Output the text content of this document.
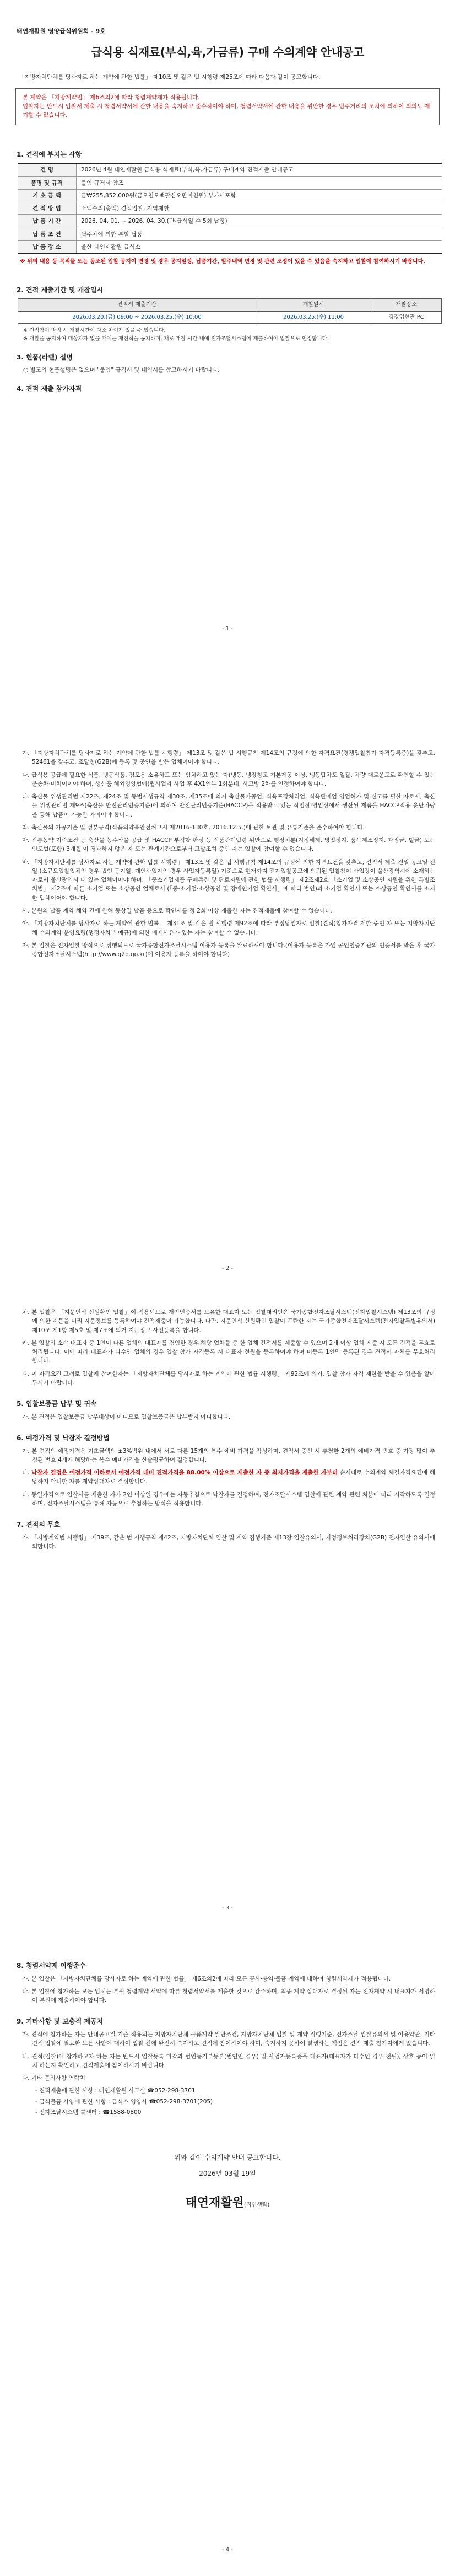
태연재활원 영양급식위원회 - 9호
급식용 식재료(부식,육,가금류) 구매 수의계약 안내공고
「지방자치단체를 당사자로 하는 계약에 관한 법률」 제10조 및 같은 법 시행령 제25조에 따라 다음과 같이 공고합니다.
본 계약은 「지방계약법」 제6조의2에 따라 청렴계약제가 적용됩니다.
입찰자는 반드시 입찰서 제출 시 청렴서약서에 관한 내용을 숙지하고 준수하여야 하며, 청렴서약서에 관한 내용을 위반한 경우 법주거리의 조치에 의하여 의의도 제기할 수 없습니다.
1. 견적에 부치는 사항
건 명	2026년 4월 태연재활원 급식용 식재료(부식,육,가금류) 구매계약 견적제출 안내공고
품명 및 규격	붙임 규격서 참조
기 초 금 액	금₩255,852,000원(금오천오백팔십오만이천원) 부가세포함
견 적 방 법	소액수의(총액) 견적입찰, 지역제한
납 품 기 간	2026. 04. 01. ~ 2026. 04. 30.(단-급식일 수 5회 납품)
납 품 조 건	월주차에 의한 분할 납품
납 품 장 소	울산 태연재활원 급식소
※ 위의 내용 등 목적물 또는 동조된 입찰 공지이 변경 및 경우 공지일정, 납품기간, 발주내역 변경 및 관련 조정이 있을 수 있음을 숙지하고 입찰에 참여하시기 바랍니다.
2. 견적 제출기간 및 개찰일시
견적서 제출기간	개찰일시	개찰장소
2026.03.20.(금) 09:00 ~ 2026.03.25.(수) 10:00	2026.03.25.(수) 11:00	김경업현관 PC
※ 견적참여 방법 시 개찰시간이 다소 차이가 있을 수 있습니다.
※ 개찰을 공지하여 대상자가 없을 때에는 재견적을 공지하며, 재로 개찰 시간 내에 전자조달시스템에 제출하여야 입찰으로 인정합니다.
3. 현품(라벨) 설명
○ 별도의 현품설명은 없으며 "붙임" 규격서 및 내역서를 참고하시기 바랍니다.
4. 견적 제출 참가자격
- 1 -
가. 「지방자치단체를 당사자로 하는 계약에 관한 법률 시행령」 제13조 및 같은 법 시행규칙 제14조의 규정에 의한 자격요건(경쟁입찰참가 자격등록증)을 갖추고, 52461을 갖추고, 조달청(G2B)에 등록 및 공인을 받은 업체이어야 합니다.
나. 급식용 공급에 필요한 식품, 냉동식품, 점포용 소유하고 또는 임차하고 있는 자(냉동, 냉장창고 기본제공 이상, 냉동탑차도 일괄, 차량 대로운도로 확인할 수 있는 운송차·비치이어야 하며, 생산품 해외영양법에(월사업과 사업 후 4X1인부 1회분대, 사고방 2차를 인정하여야 합니다.
다. 축산물 위생관리법 제22조, 제24조 및 동법시행규칙 제30조, 제35조에 의거 축산물가공업, 식육포장처리업, 식육판매업 영업허가 및 신고를 필한 자로서, 축산물 위생관리법 제9조(축산물 안전관리인증기준)에 의하여 안전관리인증기준(HACCP)을 적용받고 있는 작업장·영업장에서 생산된 제품을 HACCP적용 운반차량을 통해 납품이 가능한 자이어야 합니다.
라. 축산물의 가공기준 및 성분규격(식품의약품안전처고시 제2016-130호, 2016.12.5.)에 관한 보관 및 유통기준을 준수하여야 합니다.
마. 전통농약 기준조건 등 축산물 농수산물 공급 및 HACCP 부적합 판정 등 식품관계법령 위반으로 행정처분(지정해제, 영업정지, 품목제조정지, 과징금, 벌금) 또는 인도법(포함) 3개월 이 경과하지 않은 자 또는 관계기관으로부터 고발조치 중인 자는 입찰에 참여할 수 없습니다.
바. 「지방자치단체를 당사자로 하는 계약에 관한 법률 시행령」 제13조 및 같은 법 시행규칙 제14조의 규정에 의한 자격요건을 갖추고, 견적서 제출 전일 공고일 전일 (소규모입찰업체인 경우 법인 등기일, 개인사업자인 경우 사업자등록일) 기준으로 현재까지 전자입찰공고에 의뢰된 입찰참여 사업장이 울산광역시에 소재하는 자로서 울산광역시 내 있는 업체이어야 하며, 「중소기업제품 구매촉진 및 판로지원에 관한 법률 시행령」 제2조제2호 「소기업 및 소상공인 지원을 위한 특별조치법」 제2조에 따른 소기업 또는 소상공인 업체로서 (「중·소기업·소상공인 및 장애인기업 확인서」에 따라 법인)과 소기업 확인서 또는 소상공인 확인서를 소지한 업체이어야 합니다.
사. 본원의 납품 계약 체약 건에 한해 동상일 납품 등으로 확인서를 정 2회 이상 제출한 자는 견적제출에 참여할 수 없습니다.
아. 「지방자치단체를 당사자로 하는 계약에 관한 법률」 제31조 및 같은 법 시행령 제92조에 따라 부정당업자로 입찰(견적)참가자격 제한 중인 자 또는 지방자치단체 수의계약 운영요령(행정자치부 예규)에 의한 배제사유가 있는 자는 참여할 수 없습니다.
자. 본 입찰은 전자입찰 방식으로 집행되므로 국가종합전자조달시스템 이용자 등록을 완료하셔야 합니다.(이용자 등록은 가입 공인인증기관의 인증서를 받은 후 국가종합전자조달시스템(http://www.g2b.go.kr)에 이용자 등록을 하여야 합니다)
- 2 -
차. 본 입찰은 「지문인식 신원확인 입찰」이 적용되므로 개인인증서를 보유한 대표자 또는 입찰대리인은 국가종합전자조달시스템(전자입찰시스템) 제13조의 규정에 의한 지문을 미리 지문정보를 등록하여야 견적제출이 가능합니다. 다만, 지문인식 신원확인 입찰이 곤란한 자는 국가종합전자조달시스템(전자입찰특별유의서) 제10조 제1항 제5호 및 제7조에 의거 지문정보 사전등록을 합니다.
카. 본 입찰의 소속 대표자 중 1인이 다른 업체의 대표자를 겸임한 경우 해당 업체들 중 한 업체 견적서를 제출할 수 있으며 2개 이상 업체 제출 시 모든 견적을 무효로 처리됩니다. 이에 따라 대표자가 다수인 업체의 경우 입찰 참가 자격등록 시 대표자 전원을 등록하여야 하며 미등록 1인만 등록된 경우 견적서 자체를 무효처리 합니다.
타. 이 자격요건 고려로 입찰에 참여한자는 「지방자치단체를 당사자로 하는 계약에 관한 법률 시행령」 제92조에 의거, 입찰 참가 자격 제한을 받을 수 있음을 알아 두시기 바랍니다.
5. 입찰보증금 납부 및 귀속
가. 본 견적은 입찰보증금 납부대상이 아니므로 입찰보증금은 납부받지 아니합니다.
6. 예정가격 및 낙찰자 결정방법
가. 본 견적의 예정가격은 기초금액의 ±3%범위 내에서 서로 다른 15개의 복수 예비 가격을 작성하며, 견적서 중신 시 추첨한 2개의 예비가격 번호 중 가장 많이 추첨된 번호 4개에 해당하는 복수 예비가격을 산술평균하여 결정합니다.
나. 낙찰자 결정은 예정가격 이하로서 예정가격 대비 견적가격을 88.00% 이상으로 제출한 자 중 최저가격을 제출한 자부터 순서대로 수의계약 체결자격요건에 해당하지 아니한 자를 계약상대자로 결정합니다.
다. 동일가격으로 입찰서를 제출한 자가 2인 이상일 경우에는 자동추첨으로 낙찰자를 결정하며, 전자조달시스템 입찰에 관련 계약 관련 처분에 따라 시작하도록 결정하며, 전자조달시스템을 통해 자동으로 추첨하는 방식을 적용합니다.
7. 견적의 무효
가. 「지방계약법 시행령」 제39조, 같은 법 시행규칙 제42조, 지방자치단체 입찰 및 계약 집행기준 제13장 입찰유의서, 지정정보처리장치(G2B) 전자입찰 유의서에 의합니다.
- 3 -
8. 청렴서약제 이행준수
가. 본 입찰은 「지방자치단체를 당사자로 하는 계약에 관한 법률」 제6조의2에 따라 모든 공사·용역·물품 계약에 대하여 청렴서약제가 적용됩니다.
나. 본 입찰에 참가하는 모든 업체는 본원 청렴계약 서약에 따른 청렴서약서를 제출한 것으로 간주하며, 최종 계약 상대자로 결정된 자는 전자계약 시 내표자가 서명하여 본원에 제출하여야 합니다.
9. 기타사항 및 보충적 제공처
가. 견적에 참가하는 자는 안내공고일 기준 적용되는 지방자치단체 물품계약 일반조건, 지방자치단체 입찰 및 계약 집행기준, 전자조달 입찰유의서 및 이용약관, 기타 견적 입찰에 필요한 모든 사항에 대하여 입찰 전에 완전히 숙지하고 견적에 참여하여야 하며, 숙지하지 못하여 발생하는 책임은 견적 제출 참가자에게 있습니다.
나. 견적(입찰)에 참가하고자 하는 자는 반드시 입찰등록 마감과 법인등기부등본(법인인 경우) 및 사업자등록증을 대표자(대표자가 다수인 경우 전원), 상호 등이 일치 하는지 확인하고 견적제출에 참여하시기 바랍니다.
다. 기타 문의사항 연락처
- 견적제출에 관한 사항 : 태연재활원 사무실 ☎052-298-3701
- 급식물품 사양에 관한 사항 : 급식소 영양사 ☎052-298-3701(205)
- 전자조달시스템 콜센터 : ☎1588-0800
위와 같이 수의계약 안내 공고합니다.
2026년 03월 19일
태연재활원(직인생략)
- 4 -
